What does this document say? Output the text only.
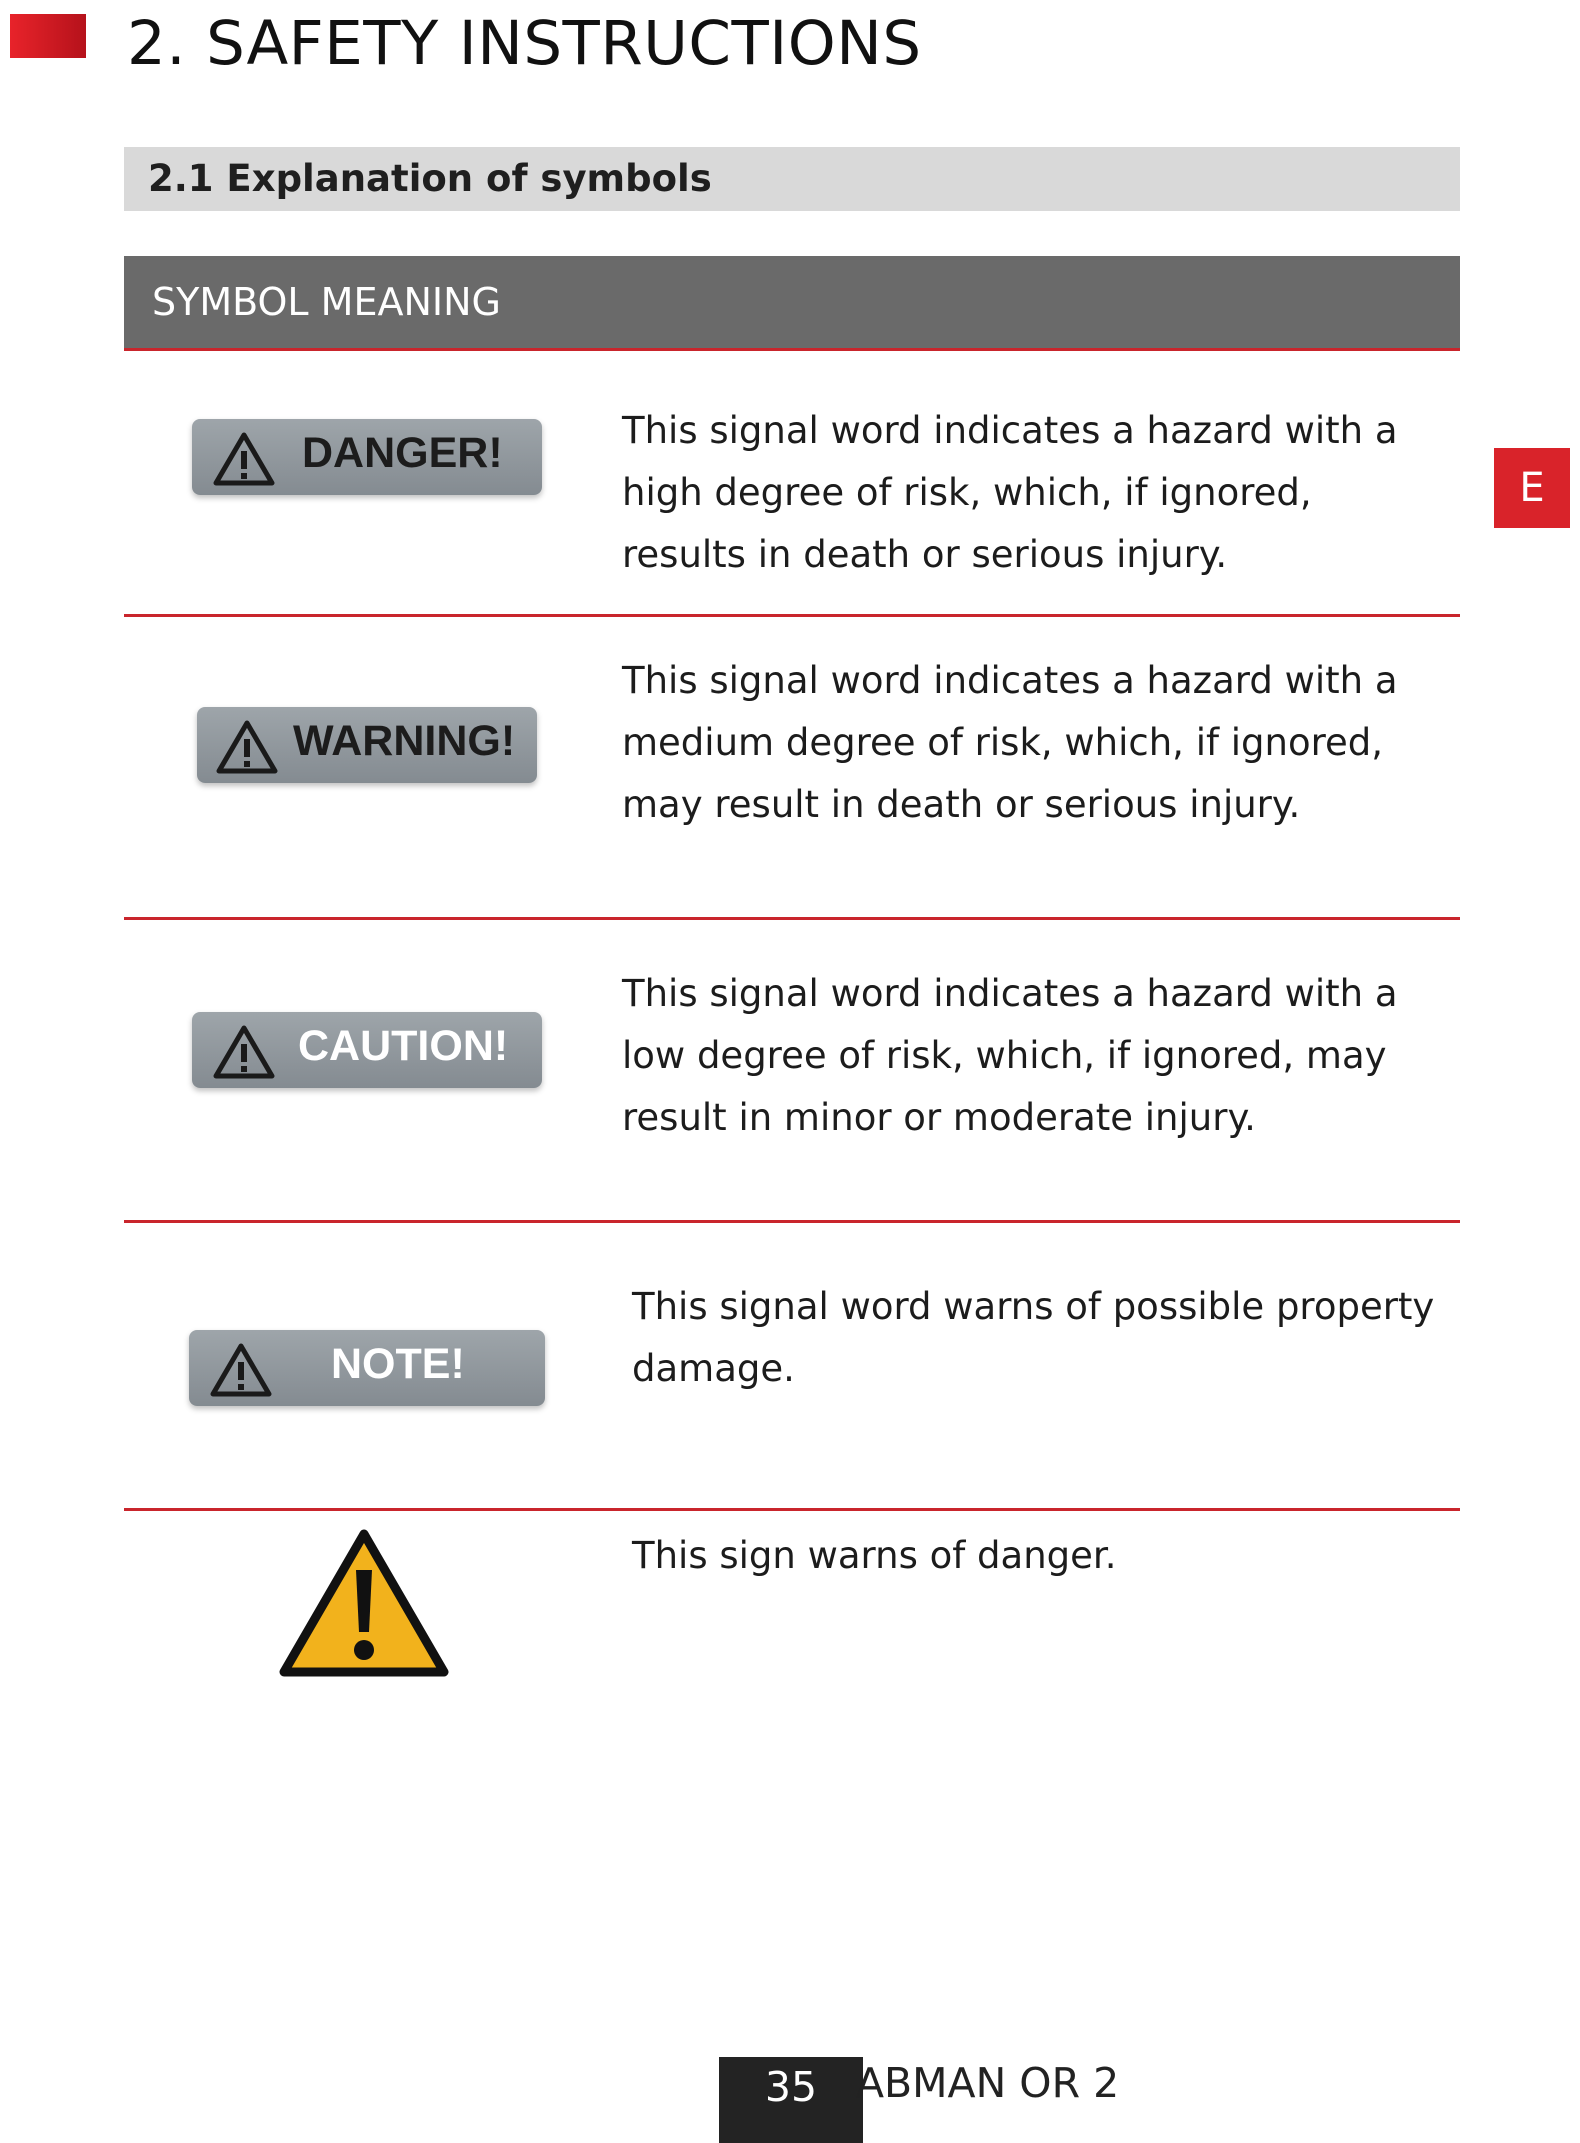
2. SAFETY INSTRUCTIONS
2.1 Explanation of symbols
SYMBOL MEANING
E
DANGER!	This signal word indicates a hazard with a high degree of risk, which, if ignored, results in death or serious injury.
WARNING!
This signal word indicates a hazard with a medium degree of risk, which, if ignored, may result in death or serious injury.
CAUTION!
This signal word indicates a hazard with a low degree of risk, which, if ignored, may result in minor or moderate injury.
NOTE!
This signal word warns of possible property damage.
This sign warns of danger.
35 ABMAN OR 2
